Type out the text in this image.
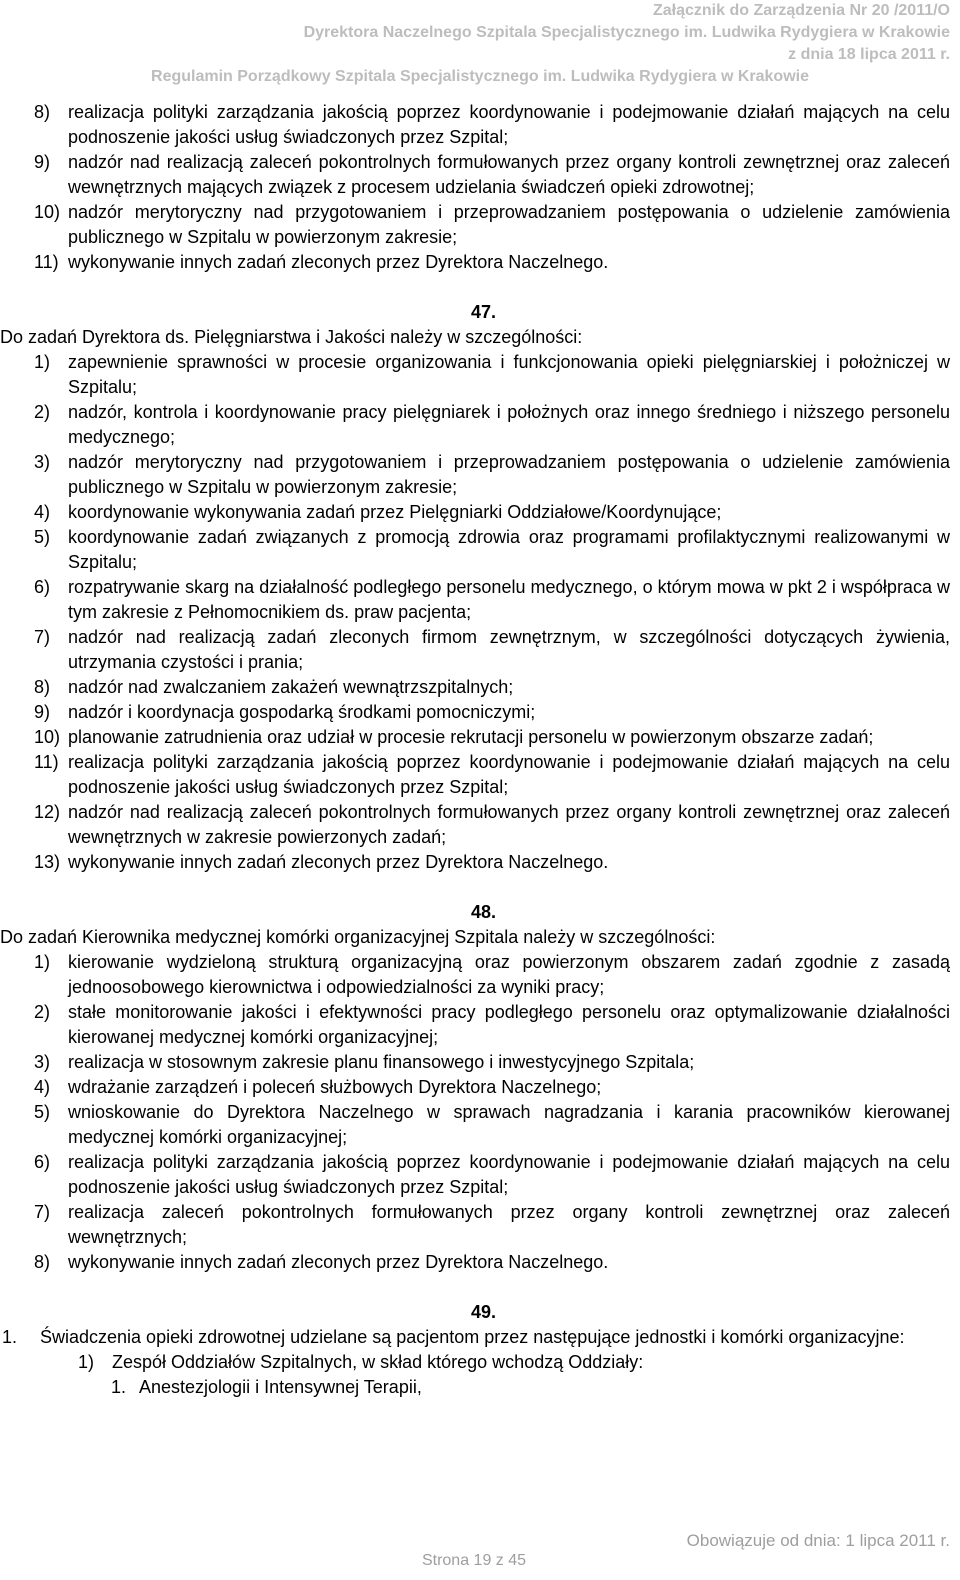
Załącznik do Zarządzenia Nr 20 /2011/O
Dyrektora Naczelnego Szpitala Specjalistycznego im. Ludwika Rydygiera w Krakowie
z dnia 18 lipca 2011 r.
Regulamin Porządkowy Szpitala Specjalistycznego im. Ludwika Rydygiera w Krakowie
8) realizacja polityki zarządzania jakością poprzez koordynowanie i podejmowanie działań mających na celu podnoszenie jakości usług świadczonych przez Szpital;
9) nadzór nad realizacją zaleceń pokontrolnych formułowanych przez organy kontroli zewnętrznej oraz zaleceń wewnętrznych mających związek z procesem udzielania świadczeń opieki zdrowotnej;
10) nadzór merytoryczny nad przygotowaniem i przeprowadzaniem postępowania o udzielenie zamówienia publicznego w Szpitalu w powierzonym zakresie;
11) wykonywanie innych zadań zleconych przez Dyrektora Naczelnego.
47.
Do zadań Dyrektora ds. Pielęgniarstwa i Jakości należy w szczególności:
1) zapewnienie sprawności w procesie organizowania i funkcjonowania opieki pielęgniarskiej i położniczej w Szpitalu;
2) nadzór, kontrola i koordynowanie pracy pielęgniarek i położnych oraz innego średniego i niższego personelu medycznego;
3) nadzór merytoryczny nad przygotowaniem i przeprowadzaniem postępowania o udzielenie zamówienia publicznego w Szpitalu w powierzonym zakresie;
4) koordynowanie wykonywania zadań przez Pielęgniarki Oddziałowe/Koordynujące;
5) koordynowanie zadań związanych z promocją zdrowia oraz programami profilaktycznymi realizowanymi w Szpitalu;
6) rozpatrywanie skarg na działalność podległego personelu medycznego, o którym mowa w pkt 2 i współpraca w tym zakresie z Pełnomocnikiem ds. praw pacjenta;
7) nadzór nad realizacją zadań zleconych firmom zewnętrznym, w szczególności dotyczących żywienia, utrzymania czystości i prania;
8) nadzór nad zwalczaniem zakażeń wewnątrzszpitalnych;
9) nadzór i koordynacja gospodarką środkami pomocniczymi;
10) planowanie zatrudnienia oraz udział w procesie rekrutacji personelu w powierzonym obszarze zadań;
11) realizacja polityki zarządzania jakością poprzez koordynowanie i podejmowanie działań mających na celu podnoszenie jakości usług świadczonych przez Szpital;
12) nadzór nad realizacją zaleceń pokontrolnych formułowanych przez organy kontroli zewnętrznej oraz zaleceń wewnętrznych w zakresie powierzonych zadań;
13) wykonywanie innych zadań zleconych przez Dyrektora Naczelnego.
48.
Do zadań Kierownika medycznej komórki organizacyjnej Szpitala należy w szczególności:
1) kierowanie wydzieloną strukturą organizacyjną oraz powierzonym obszarem zadań zgodnie z zasadą jednoosobowego kierownictwa i odpowiedzialności za wyniki pracy;
2) stałe monitorowanie jakości i efektywności pracy podległego personelu oraz optymalizowanie działalności kierowanej medycznej komórki organizacyjnej;
3) realizacja w stosownym zakresie planu finansowego i inwestycyjnego Szpitala;
4) wdrażanie zarządzeń i poleceń służbowych Dyrektora Naczelnego;
5) wnioskowanie do Dyrektora Naczelnego w sprawach nagradzania i karania pracowników kierowanej medycznej komórki organizacyjnej;
6) realizacja polityki zarządzania jakością poprzez koordynowanie i podejmowanie działań mających na celu podnoszenie jakości usług świadczonych przez Szpital;
7) realizacja zaleceń pokontrolnych formułowanych przez organy kontroli zewnętrznej oraz zaleceń wewnętrznych;
8) wykonywanie innych zadań zleconych przez Dyrektora Naczelnego.
49.
1. Świadczenia opieki zdrowotnej udzielane są pacjentom przez następujące jednostki i komórki organizacyjne:
1) Zespół Oddziałów Szpitalnych, w skład którego wchodzą Oddziały:
1. Anestezjologii i Intensywnej Terapii,
Obowiązuje od dnia: 1 lipca 2011 r.
Strona 19 z 45
